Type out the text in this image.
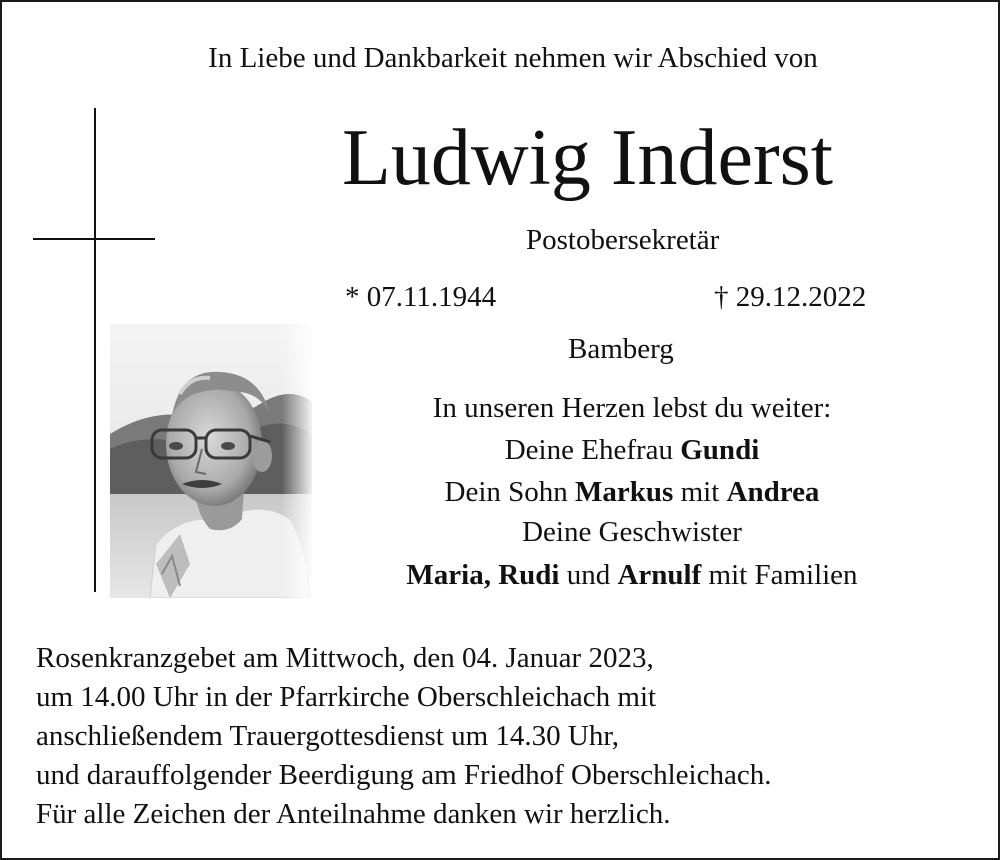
In Liebe und Dankbarkeit nehmen wir Abschied von
Ludwig Inderst
Postobersekretär
* 07.11.1944	† 29.12.2022
Bamberg
In unseren Herzen lebst du weiter:
Deine Ehefrau Gundi
Dein Sohn Markus mit Andrea
Deine Geschwister
Maria, Rudi und Arnulf mit Familien
Rosenkranzgebet am Mittwoch, den 04. Januar 2023,
um 14.00 Uhr in der Pfarrkirche Oberschleichach mit
anschließendem Trauergottesdienst um 14.30 Uhr,
und darauffolgender Beerdigung am Friedhof Oberschleichach.
Für alle Zeichen der Anteilnahme danken wir herzlich.
